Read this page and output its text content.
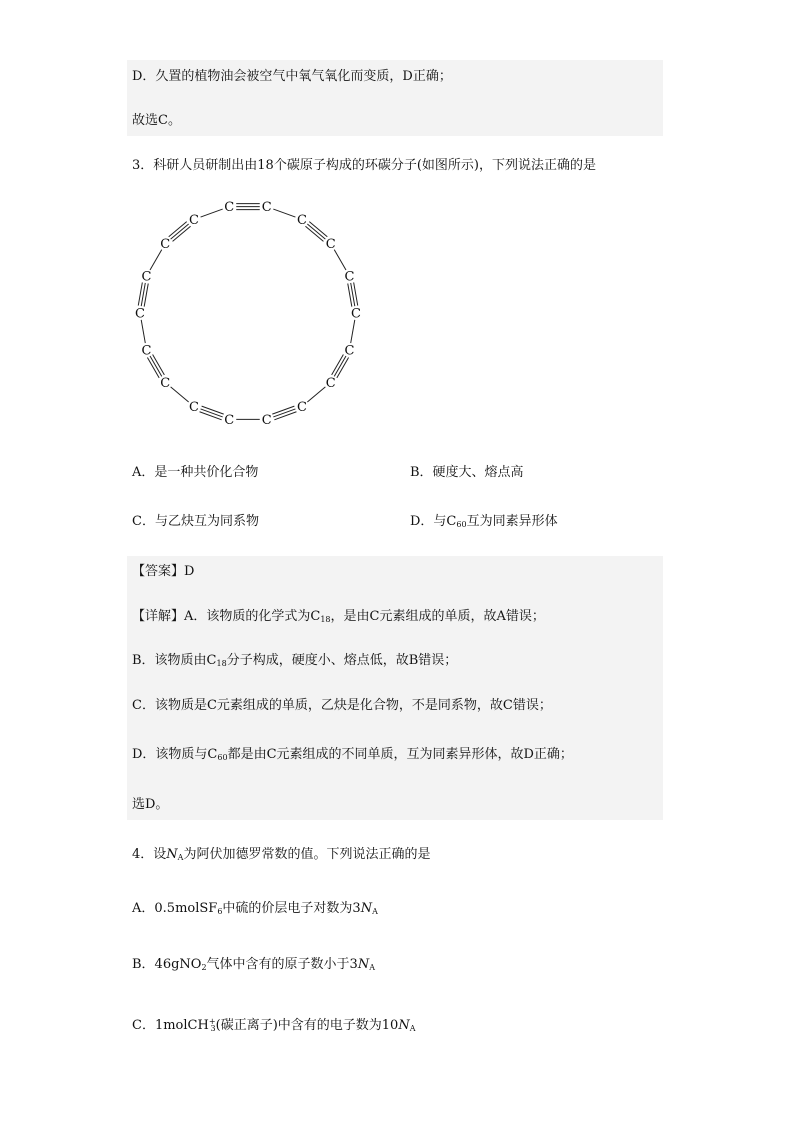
D．久置的植物油会被空气中氧气氧化而变质，D正确；
故选C。
3．科研人员研制出由18个碳原子构成的环碳分子(如图所示)，下列说法正确的是
C C
C
C
C
C
C
C
C
C
C
C
C
C
C
C
C
C
A．是一种共价化合物	B．硬度大、熔点高
C．与乙炔互为同系物	D．与$C_{60}$互为同素异形体
【答案】D
【详解】A．该物质的化学式为$C_{18}$，是由C元素组成的单质，故A错误；
B．该物质由$C_{18}$分子构成，硬度小、熔点低，故B错误；
C．该物质是C元素组成的单质，乙炔是化合物，不是同系物，故C错误；
D．该物质与$C_{60}$都是由C元素组成的不同单质，互为同素异形体，故D正确；
选D。
4．设$N_A$为阿伏加德罗常数的值。下列说法正确的是
A．0.5molSF$_6$中硫的价层电子对数为$3N_A$
B．46gNO$_2$气体中含有的原子数小于$3N_A$
C．1molCH+$_3$(碳正离子)中含有的电子数为$10N_A$
